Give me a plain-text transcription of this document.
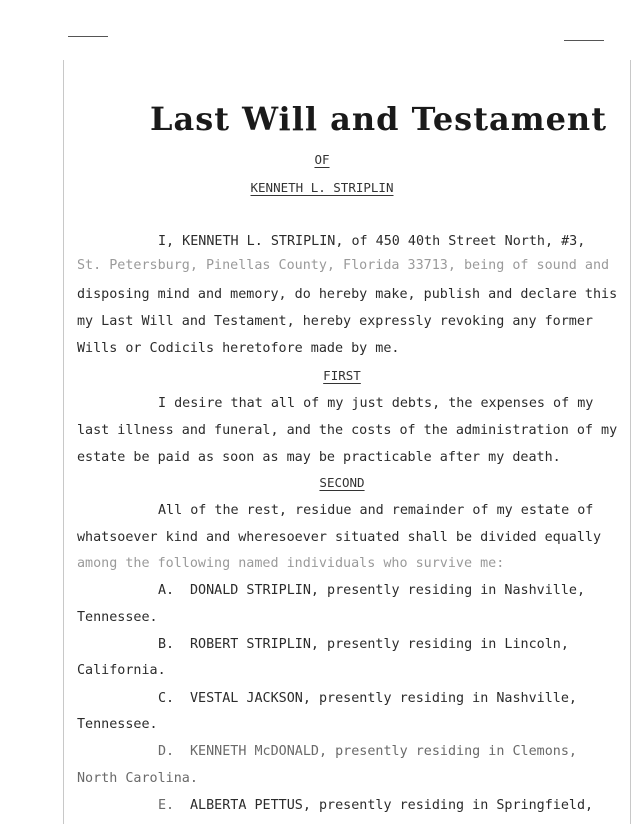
Last Will and Testament
OF
KENNETH L. STRIPLIN
I, KENNETH L. STRIPLIN, of 450 40th Street North, #3,
St. Petersburg, Pinellas County, Florida 33713, being of sound and
disposing mind and memory, do hereby make, publish and declare this
my Last Will and Testament, hereby expressly revoking any former
Wills or Codicils heretofore made by me.
FIRST
I desire that all of my just debts, the expenses of my
last illness and funeral, and the costs of the administration of my
estate be paid as soon as may be practicable after my death.
SECOND
All of the rest, residue and remainder of my estate of
whatsoever kind and wheresoever situated shall be divided equally
among the following named individuals who survive me:
A. DONALD STRIPLIN, presently residing in Nashville,
Tennessee.
B. ROBERT STRIPLIN, presently residing in Lincoln,
California.
C. VESTAL JACKSON, presently residing in Nashville,
Tennessee.
D. KENNETH McDONALD, presently residing in Clemons,
North Carolina.
E. ALBERTA PETTUS, presently residing in Springfield,
